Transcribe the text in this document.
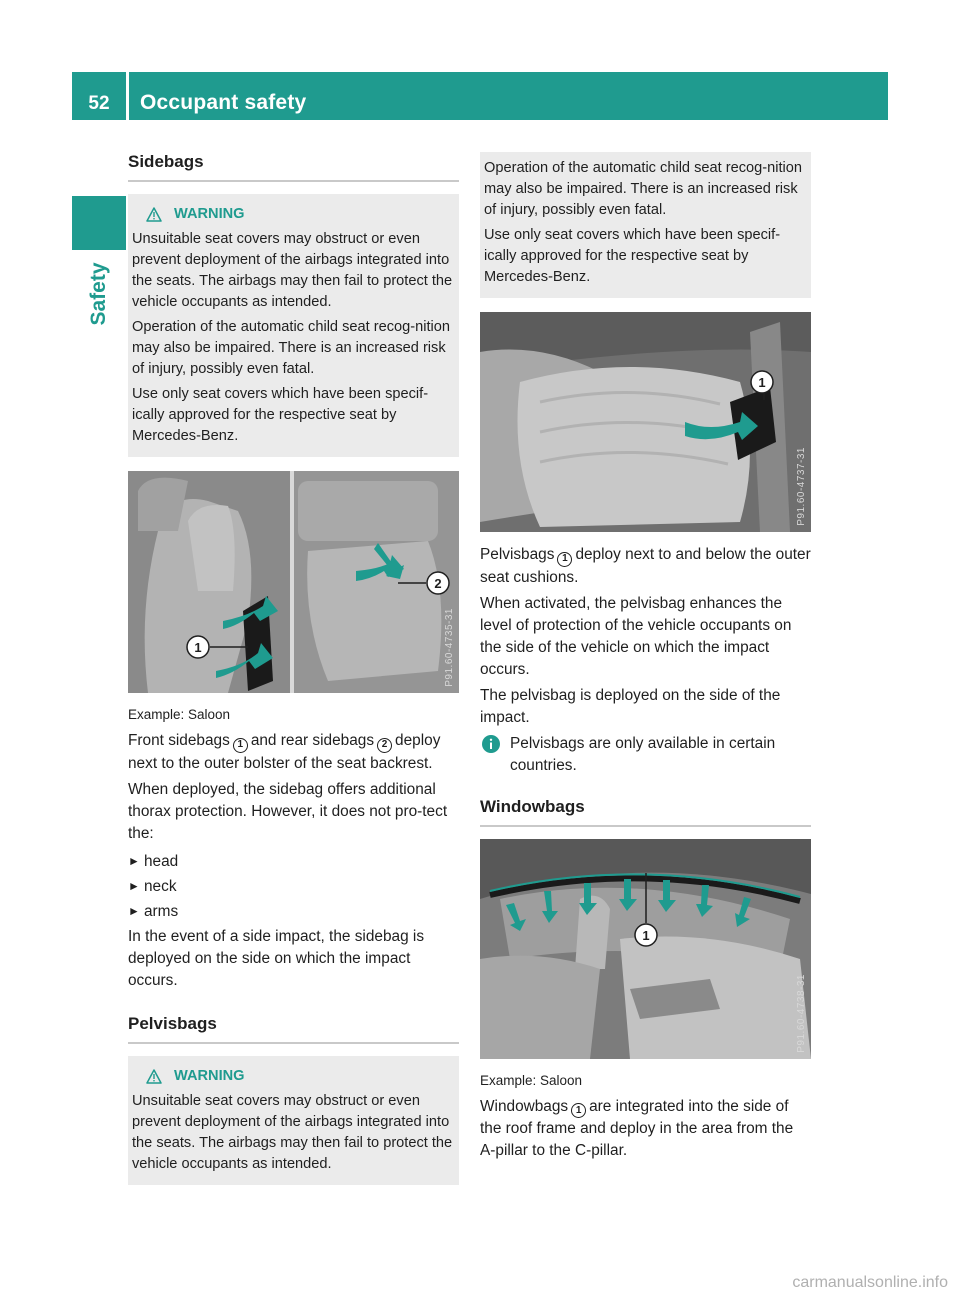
52	Occupant safety
Safety
Sidebags
WARNING

Unsuitable seat covers may obstruct or even prevent deployment of the airbags integrated into the seats. The airbags may then fail to protect the vehicle occupants as intended.

Operation of the automatic child seat recog-nition may also be impaired. There is an increased risk of injury, possibly even fatal.

Use only seat covers which have been specif-ically approved for the respective seat by Mercedes-Benz.

1
2
P91.60-4735-31
Example: Saloon

Front sidebags 1 and rear sidebags 2 deploy next to the outer bolster of the seat backrest.

When deployed, the sidebag offers additional thorax protection. However, it does not pro-tect the:

► head
► neck
► arms

In the event of a side impact, the sidebag is deployed on the side on which the impact occurs.

Pelvisbags
WARNING

Unsuitable seat covers may obstruct or even prevent deployment of the airbags integrated into the seats. The airbags may then fail to protect the vehicle occupants as intended.

Operation of the automatic child seat recog-nition may also be impaired. There is an increased risk of injury, possibly even fatal.

Use only seat covers which have been specif-ically approved for the respective seat by Mercedes-Benz.

1
P91.60-4737-31

Pelvisbags 1 deploy next to and below the outer seat cushions.

When activated, the pelvisbag enhances the level of protection of the vehicle occupants on the side of the vehicle on which the impact occurs.

The pelvisbag is deployed on the side of the impact.

Pelvisbags are only available in certain countries.
Windowbags
1
P91.60-4738-31
Example: Saloon

Windowbags 1 are integrated into the side of the roof frame and deploy in the area from the A-pillar to the C-pillar.

carmanualsonline.info
